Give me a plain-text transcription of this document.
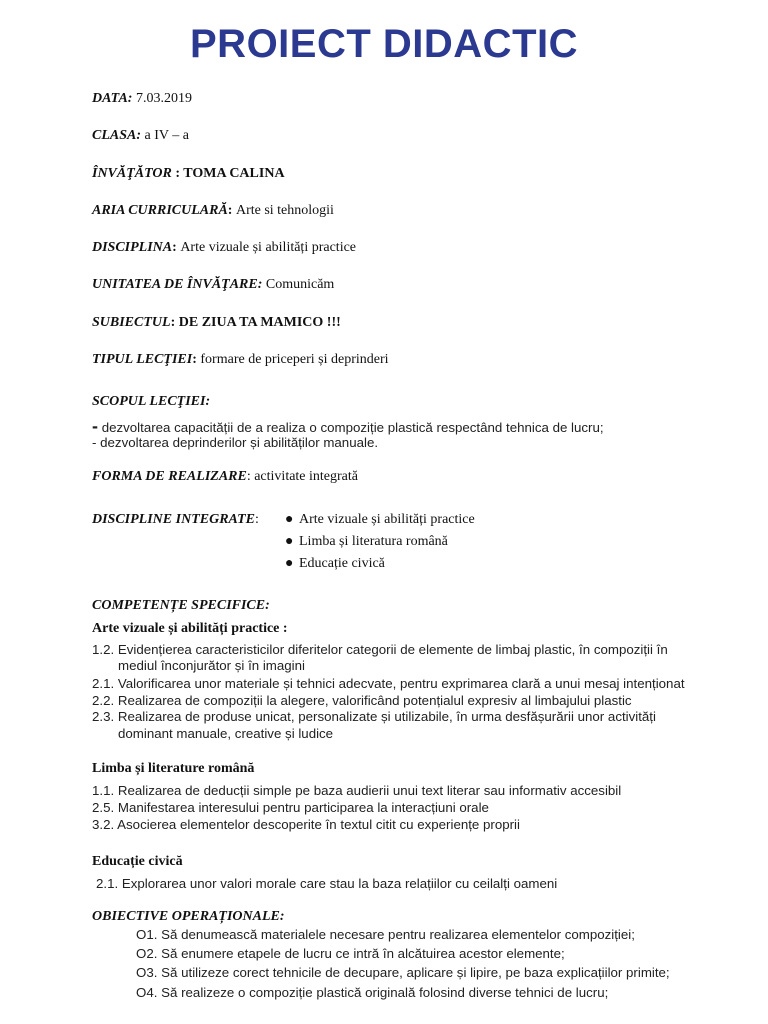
PROIECT DIDACTIC
DATA: 7.03.2019
CLASA: a IV – a
ÎNVĂŢĂTOR : TOMA CALINA
ARIA CURRICULARĂ: Arte si tehnologii
DISCIPLINA: Arte vizuale și abilități practice
UNITATEA DE ÎNVĂŢARE: Comunicăm
SUBIECTUL: DE ZIUA TA MAMICO !!!
TIPUL LECŢIEI: formare de priceperi și deprinderi
SCOPUL LECŢIEI:
- dezvoltarea capacității de a realiza o compoziție plastică respectând tehnica de lucru;
- dezvoltarea deprinderilor și abilităților manuale.
FORMA DE REALIZARE: activitate integrată
DISCIPLINE INTEGRATE: ● Arte vizuale și abilități practice
● Limba și literatura română
● Educație civică
COMPETENȚE SPECIFICE:
Arte vizuale și abilități practice :
1.2. Evidențierea caracteristicilor diferitelor categorii de elemente de limbaj plastic, în compoziții în
mediul înconjurător și în imagini
2.1. Valorificarea unor materiale și tehnici adecvate, pentru exprimarea clară a unui mesaj intenționat
2.2. Realizarea de compoziții la alegere, valorificând potențialul expresiv al limbajului plastic
2.3. Realizarea de produse unicat, personalizate și utilizabile, în urma desfășurării unor activități
dominant manuale, creative și ludice
Limba și literature română
1.1. Realizarea de deducții simple pe baza audierii unui text literar sau informativ accesibil
2.5. Manifestarea interesului pentru participarea la interacțiuni orale
3.2. Asocierea elementelor descoperite în textul citit cu experiențe proprii
Educație civică
2.1. Explorarea unor valori morale care stau la baza relațiilor cu ceilalți oameni
OBIECTIVE OPERAȚIONALE:
O1. Să denumească materialele necesare pentru realizarea elementelor compoziției;
O2. Să enumere etapele de lucru ce intră în alcătuirea acestor elemente;
O3. Să utilizeze corect tehnicile de decupare, aplicare și lipire, pe baza explicațiilor primite;
O4. Să realizeze o compoziție plastică originală folosind diverse tehnici de lucru;
